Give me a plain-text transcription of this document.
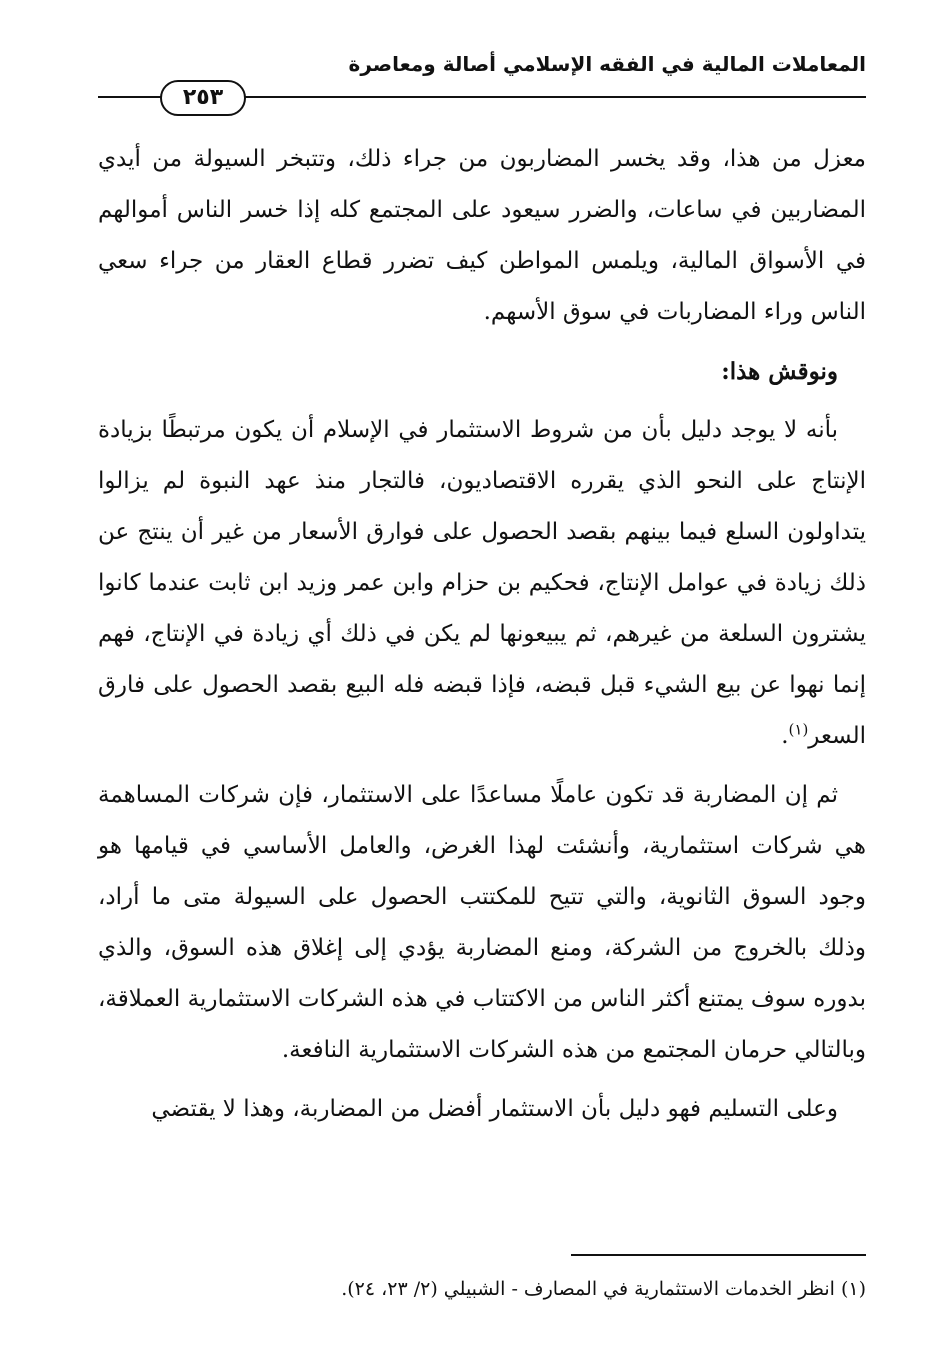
المعاملات المالية في الفقه الإسلامي أصالة ومعاصرة
٢٥٣

معزل من هذا، وقد يخسر المضاربون من جراء ذلك، وتتبخر السيولة من أيدي المضاربين في ساعات، والضرر سيعود على المجتمع كله إذا خسر الناس أموالهم في الأسواق المالية، ويلمس المواطن كيف تضرر قطاع العقار من جراء سعي الناس وراء المضاربات في سوق الأسهم.

ونوقش هذا:

بأنه لا يوجد دليل بأن من شروط الاستثمار في الإسلام أن يكون مرتبطًا بزيادة الإنتاج على النحو الذي يقرره الاقتصاديون، فالتجار منذ عهد النبوة لم يزالوا يتداولون السلع فيما بينهم بقصد الحصول على فوارق الأسعار من غير أن ينتج عن ذلك زيادة في عوامل الإنتاج، فحكيم بن حزام وابن عمر وزيد ابن ثابت عندما كانوا يشترون السلعة من غيرهم، ثم يبيعونها لم يكن في ذلك أي زيادة في الإنتاج، فهم إنما نهوا عن بيع الشيء قبل قبضه، فإذا قبضه فله البيع بقصد الحصول على فارق السعر$^{(١)}$.

ثم إن المضاربة قد تكون عاملًا مساعدًا على الاستثمار، فإن شركات المساهمة هي شركات استثمارية، وأنشئت لهذا الغرض، والعامل الأساسي في قيامها هو وجود السوق الثانوية، والتي تتيح للمكتتب الحصول على السيولة متى ما أراد، وذلك بالخروج من الشركة، ومنع المضاربة يؤدي إلى إغلاق هذه السوق، والذي بدوره سوف يمتنع أكثر الناس من الاكتتاب في هذه الشركات الاستثمارية العملاقة، وبالتالي حرمان المجتمع من هذه الشركات الاستثمارية النافعة.

وعلى التسليم فهو دليل بأن الاستثمار أفضل من المضاربة، وهذا لا يقتضي

(١) انظر الخدمات الاستثمارية في المصارف - الشبيلي (٢/ ٢٣، ٢٤).
